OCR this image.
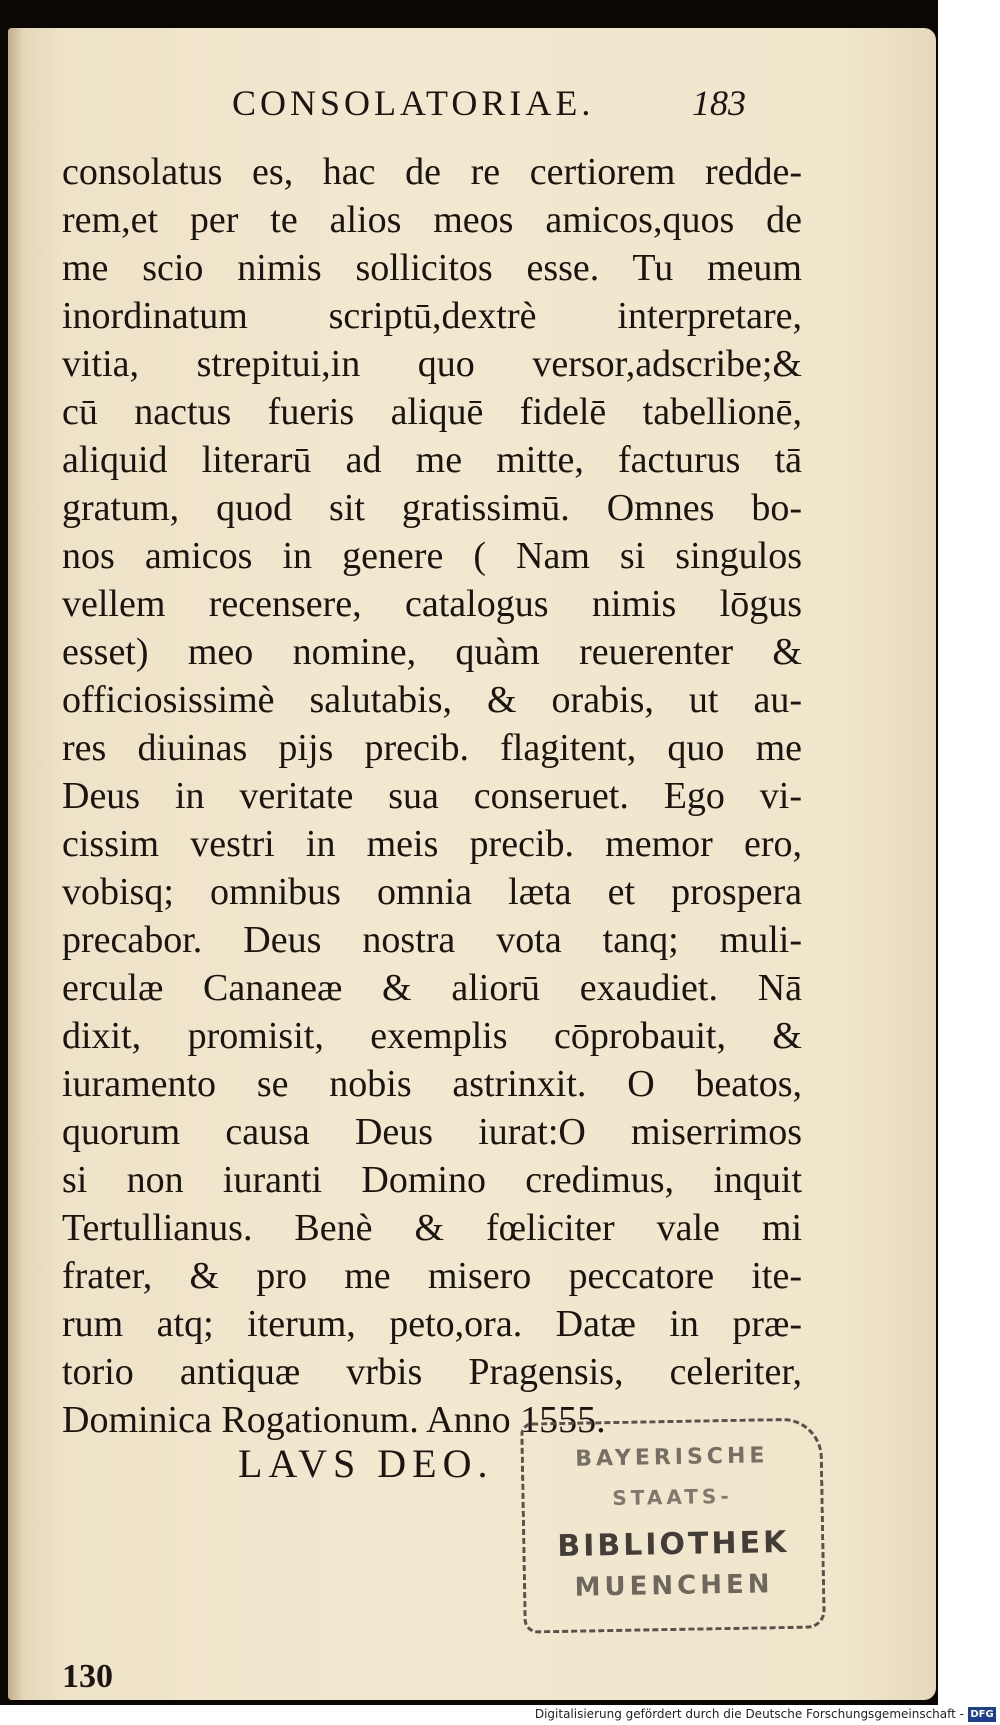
CONSOLATORIAE.	183
consolatus es, hac de re certiorem redde-
rem,et per te alios meos amicos,quos de
me scio nimis sollicitos esse. Tu meum
inordinatum scriptū,dextrè interpretare,
vitia, strepitui,in quo versor,adscribe;&
cū nactus fueris aliquē fidelē tabellionē,
aliquid literarū ad me mitte, facturus tā
gratum, quod sit gratissimū. Omnes bo-
nos amicos in genere ( Nam si singulos
vellem recensere, catalogus nimis lōgus
esset) meo nomine, quàm reuerenter &
officiosissimè salutabis, & orabis, ut au-
res diuinas pijs precib. flagitent, quo me
Deus in veritate sua conseruet. Ego vi-
cissim vestri in meis precib. memor ero,
vobisq; omnibus omnia læta et prospera
precabor. Deus nostra vota tanq; muli-
erculæ Cananeæ & aliorū exaudiet. Nā
dixit, promisit, exemplis cōprobauit, &
iuramento se nobis astrinxit. O beatos,
quorum causa Deus iurat:O miserrimos
si non iuranti Domino credimus, inquit
Tertullianus. Benè & fœliciter vale mi
frater, & pro me misero peccatore ite-
rum atq; iterum, peto,ora. Datæ in præ-
torio antiquæ vrbis Pragensis, celeriter,
Dominica Rogationum. Anno 1555.
LAVS DEO.	BAYERISCHE
STAATS-
BIBLIOTHEK
MUENCHEN
130
Digitalisierung gefördert durch die Deutsche Forschungsgemeinschaft - DFG
